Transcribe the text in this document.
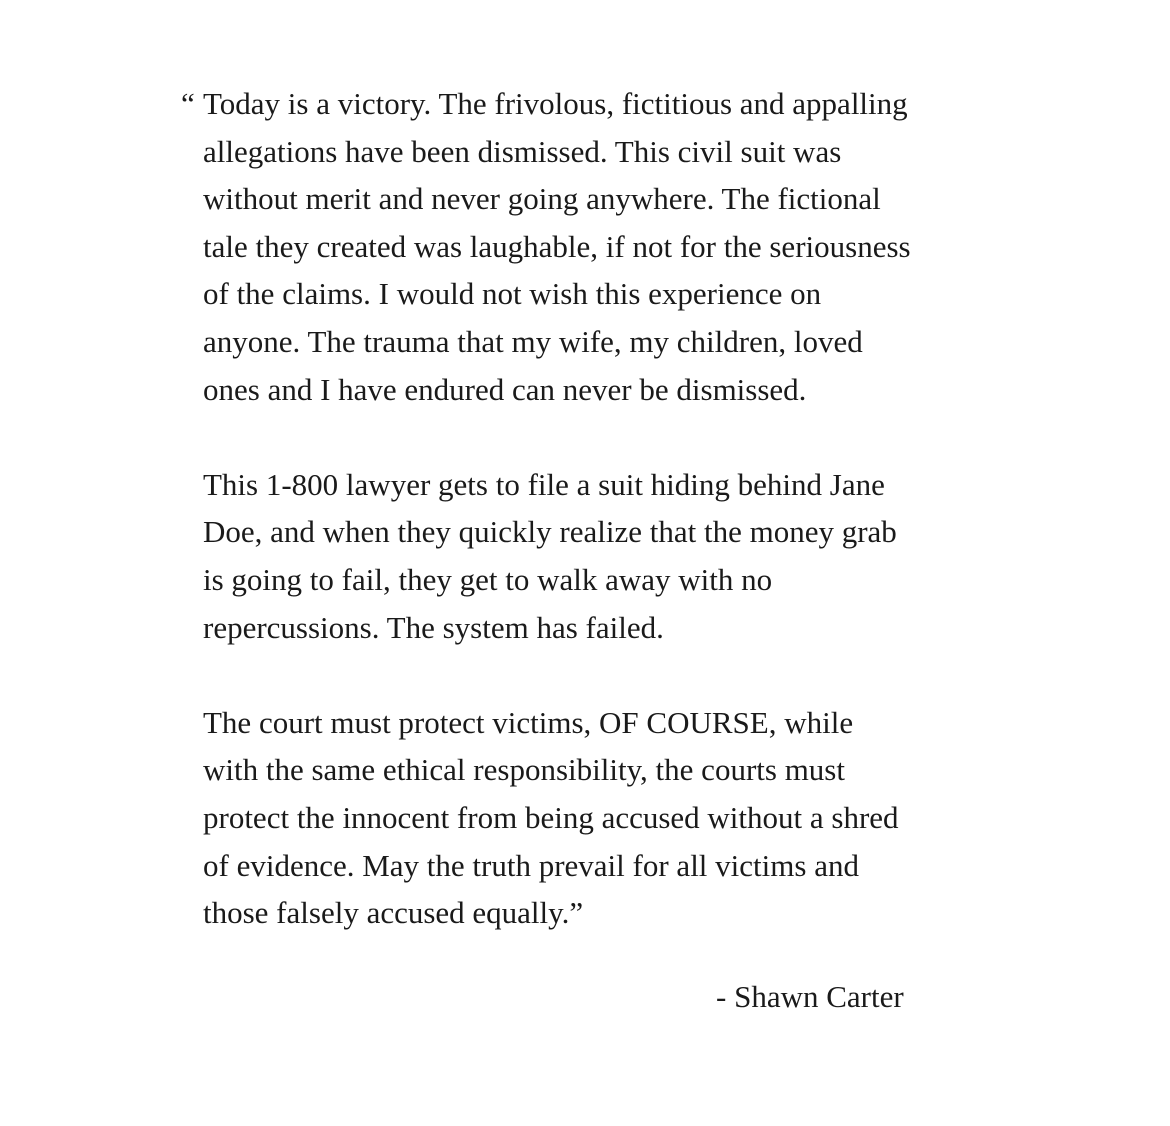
“ Today is a victory. The frivolous, fictitious and appalling
allegations have been dismissed. This civil suit was
without merit and never going anywhere. The fictional
tale they created was laughable, if not for the seriousness
of the claims. I would not wish this experience on
anyone. The trauma that my wife, my children, loved
ones and I have endured can never be dismissed.

This 1-800 lawyer gets to file a suit hiding behind Jane
Doe, and when they quickly realize that the money grab
is going to fail, they get to walk away with no
repercussions. The system has failed.

The court must protect victims, OF COURSE, while
with the same ethical responsibility, the courts must
protect the innocent from being accused without a shred
of evidence. May the truth prevail for all victims and
those falsely accused equally.”

- Shawn Carter
